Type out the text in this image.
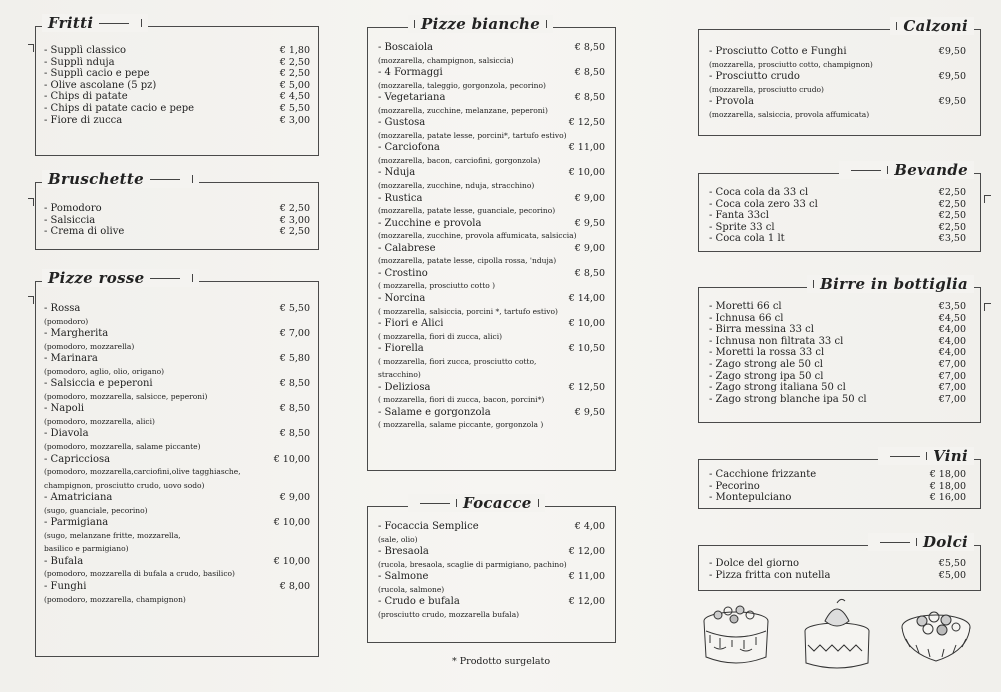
Fritti
- Supplì classico	€ 1,80
- Supplì nduja	€ 2,50
- Supplì cacio e pepe	€ 2,50
- Olive ascolane (5 pz)	€ 5,00
- Chips di patate	€ 4,50
- Chips di patate cacio e pepe	€ 5,50
- Fiore di zucca	€ 3,00
Bruschette
- Pomodoro	€ 2,50
- Salsiccia	€ 3,00
- Crema di olive	€ 2,50
Pizze rosse
- Rossa	€ 5,50
(pomodoro)
- Margherita	€ 7,00
(pomodoro, mozzarella)
- Marinara	€ 5,80
(pomodoro, aglio, olio, origano)
- Salsiccia e peperoni	€ 8,50
(pomodoro, mozzarella, salsicce, peperoni)
- Napoli	€ 8,50
(pomodoro, mozzarella, alici)
- Diavola	€ 8,50
(pomodoro, mozzarella, salame piccante)
- Capricciosa	€ 10,00
(pomodoro, mozzarella,carciofini,olive tagghiasche,
champignon, prosciutto crudo, uovo sodo)
- Amatriciana	€ 9,00
(sugo, guanciale, pecorino)
- Parmigiana	€ 10,00
(sugo, melanzane fritte, mozzarella,
basilico e parmigiano)
- Bufala	€ 10,00
(pomodoro, mozzarella di bufala a crudo, basilico)
- Funghi	€ 8,00
(pomodoro, mozzarella, champignon)
Pizze bianche
- Boscaiola	€ 8,50
(mozzarella, champignon, salsiccia)
- 4 Formaggi	€ 8,50
(mozzarella, taleggio, gorgonzola, pecorino)
- Vegetariana	€ 8,50
(mozzarella, zucchine, melanzane, peperoni)
- Gustosa	€ 12,50
(mozzarella, patate lesse, porcini*, tartufo estivo)
- Carciofona	€ 11,00
(mozzarella, bacon, carciofini, gorgonzola)
- Nduja	€ 10,00
(mozzarella, zucchine, nduja, stracchino)
- Rustica	€ 9,00
(mozzarella, patate lesse, guanciale, pecorino)
- Zucchine e provola	€ 9,50
(mozzarella, zucchine, provola affumicata, salsiccia)
- Calabrese	€ 9,00
(mozzarella, patate lesse, cipolla rossa, 'nduja)
- Crostino	€ 8,50
( mozzarella, prosciutto cotto )
- Norcina	€ 14,00
( mozzarella, salsiccia, porcini *, tartufo estivo)
- Fiori e Alici	€ 10,00
( mozzarella, fiori di zucca, alici)
- Fiorella	€ 10,50
( mozzarella, fiori zucca, prosciutto cotto,
stracchino)
- Deliziosa	€ 12,50
( mozzarella, fiori di zucca, bacon, porcini*)
- Salame e gorgonzola	€ 9,50
( mozzarella, salame piccante, gorgonzola )
Focacce
- Focaccia Semplice	€ 4,00
(sale, olio)
- Bresaola	€ 12,00
(rucola, bresaola, scaglie di parmigiano, pachino)
- Salmone	€ 11,00
(rucola, salmone)
- Crudo e bufala	€ 12,00
(prosciutto crudo, mozzarella bufala)
* Prodotto surgelato
Calzoni
- Prosciutto Cotto e Funghi	€9,50
(mozzarella, prosciutto cotto, champignon)
- Prosciutto crudo	€9,50
(mozzarella, prosciutto crudo)
- Provola	€9,50
(mozzarella, salsiccia, provola affumicata)
Bevande
- Coca cola da 33 cl	€2,50
- Coca cola zero 33 cl	€2,50
- Fanta 33cl	€2,50
- Sprite 33 cl	€2,50
- Coca cola 1 lt	€3,50
Birre in bottiglia
- Moretti 66 cl	€3,50
- Ichnusa 66 cl	€4,50
- Birra messina 33 cl	€4,00
- Ichnusa non filtrata 33 cl	€4,00
- Moretti la rossa 33 cl	€4,00
- Zago strong ale 50 cl	€7,00
- Zago strong ipa 50 cl	€7,00
- Zago strong italiana 50 cl	€7,00
- Zago strong blanche ipa 50 cl	€7,00
Vini
- Cacchione frizzante	€ 18,00
- Pecorino	€ 18,00
- Montepulciano	€ 16,00
Dolci
- Dolce del giorno	€5,50
- Pizza fritta con nutella	€5,00
